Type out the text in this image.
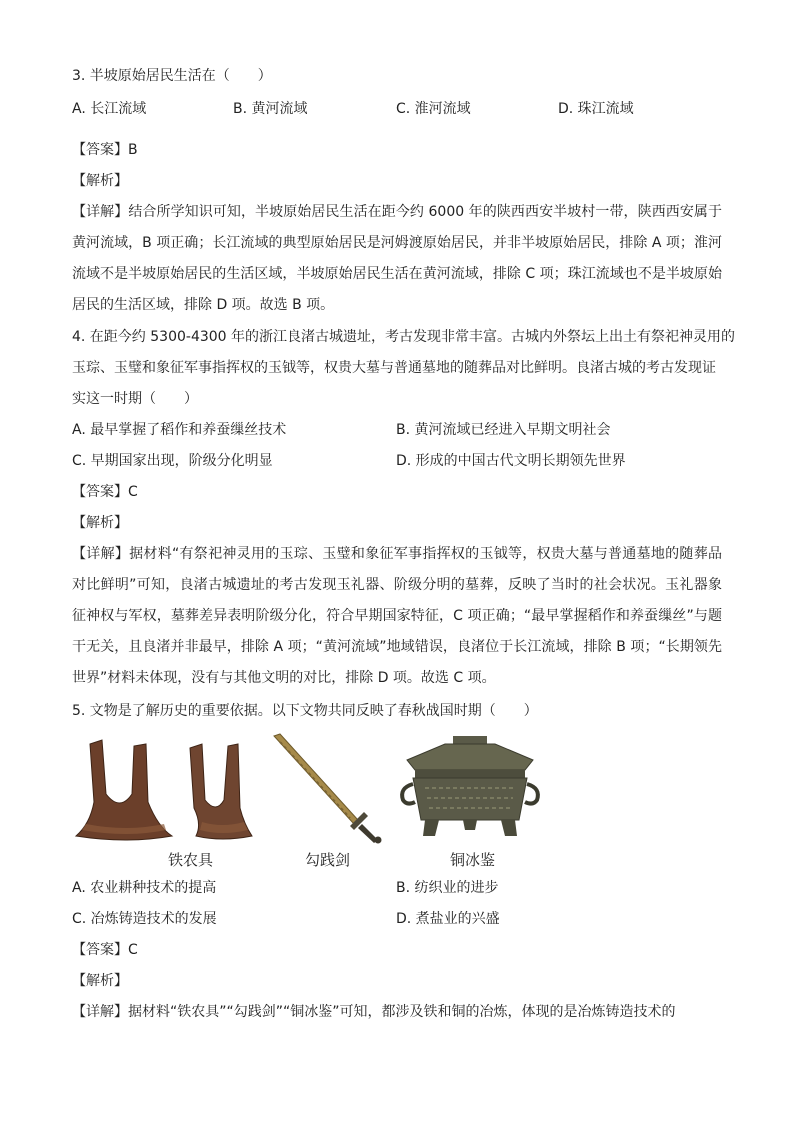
3. 半坡原始居民生活在（　　）
A. 长江流域	B. 黄河流域	C. 淮河流域	D. 珠江流域
【答案】B
【解析】
【详解】结合所学知识可知，半坡原始居民生活在距今约 6000 年的陕西西安半坡村一带，陕西西安属于黄河流域，B 项正确；长江流域的典型原始居民是河姆渡原始居民，并非半坡原始居民，排除 A 项；淮河流域不是半坡原始居民的生活区域，半坡原始居民生活在黄河流域，排除 C 项；珠江流域也不是半坡原始居民的生活区域，排除 D 项。故选 B 项。
4. 在距今约 5300-4300 年的浙江良渚古城遗址，考古发现非常丰富。古城内外祭坛上出土有祭祀神灵用的
玉琮、玉璧和象征军事指挥权的玉钺等，权贵大墓与普通墓地的随葬品对比鲜明。良渚古城的考古发现证
实这一时期（　　）
A. 最早掌握了稻作和养蚕缫丝技术	B. 黄河流域已经进入早期文明社会
C. 早期国家出现，阶级分化明显	D. 形成的中国古代文明长期领先世界
【答案】C
【解析】
【详解】据材料“有祭祀神灵用的玉琮、玉璧和象征军事指挥权的玉钺等，权贵大墓与普通墓地的随葬品对比鲜明”可知，良渚古城遗址的考古发现玉礼器、阶级分明的墓葬，反映了当时的社会状况。玉礼器象征神权与军权，墓葬差异表明阶级分化，符合早期国家特征，C 项正确；“最早掌握稻作和养蚕缫丝”与题干无关，且良渚并非最早，排除 A 项；“黄河流域”地域错误，良渚位于长江流域，排除 B 项；“长期领先世界”材料未体现，没有与其他文明的对比，排除 D 项。故选 C 项。
5. 文物是了解历史的重要依据。以下文物共同反映了春秋战国时期（　　）
铁农具	勾践剑	铜冰鉴
A. 农业耕种技术的提高	B. 纺织业的进步
C. 冶炼铸造技术的发展	D. 煮盐业的兴盛
【答案】C
【解析】
【详解】据材料“铁农具”“勾践剑”“铜冰鉴”可知，都涉及铁和铜的冶炼，体现的是冶炼铸造技术的
